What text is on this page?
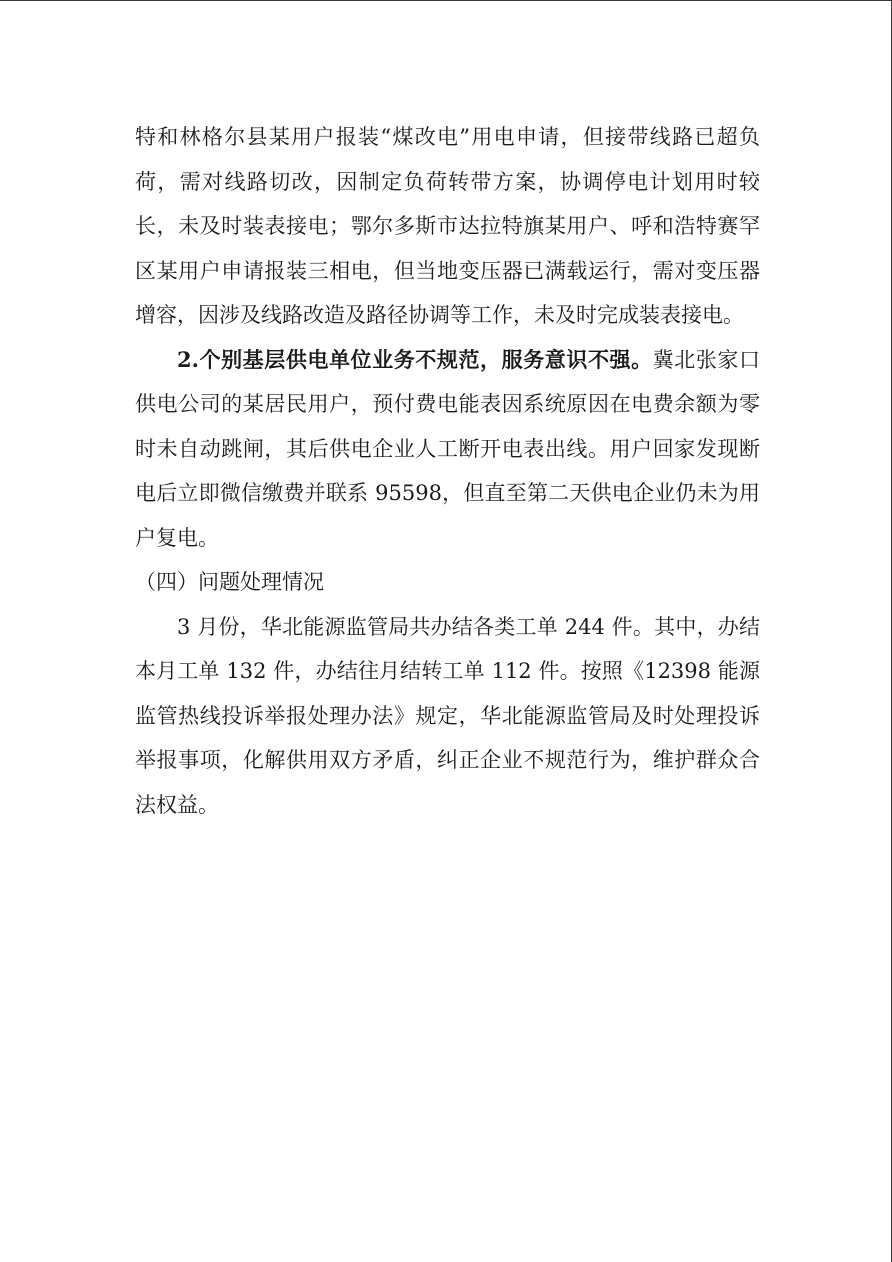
特和林格尔县某用户报装“煤改电”用电申请，但接带线路已超负荷，需对线路切改，因制定负荷转带方案，协调停电计划用时较长，未及时装表接电；鄂尔多斯市达拉特旗某用户、呼和浩特赛罕区某用户申请报装三相电，但当地变压器已满载运行，需对变压器增容，因涉及线路改造及路径协调等工作，未及时完成装表接电。

2.个别基层供电单位业务不规范，服务意识不强。冀北张家口供电公司的某居民用户，预付费电能表因系统原因在电费余额为零时未自动跳闸，其后供电企业人工断开电表出线。用户回家发现断电后立即微信缴费并联系 95598，但直至第二天供电企业仍未为用户复电。

（四）问题处理情况

3 月份，华北能源监管局共办结各类工单 244 件。其中，办结本月工单 132 件，办结往月结转工单 112 件。按照《12398 能源监管热线投诉举报处理办法》规定，华北能源监管局及时处理投诉举报事项，化解供用双方矛盾，纠正企业不规范行为，维护群众合法权益。
